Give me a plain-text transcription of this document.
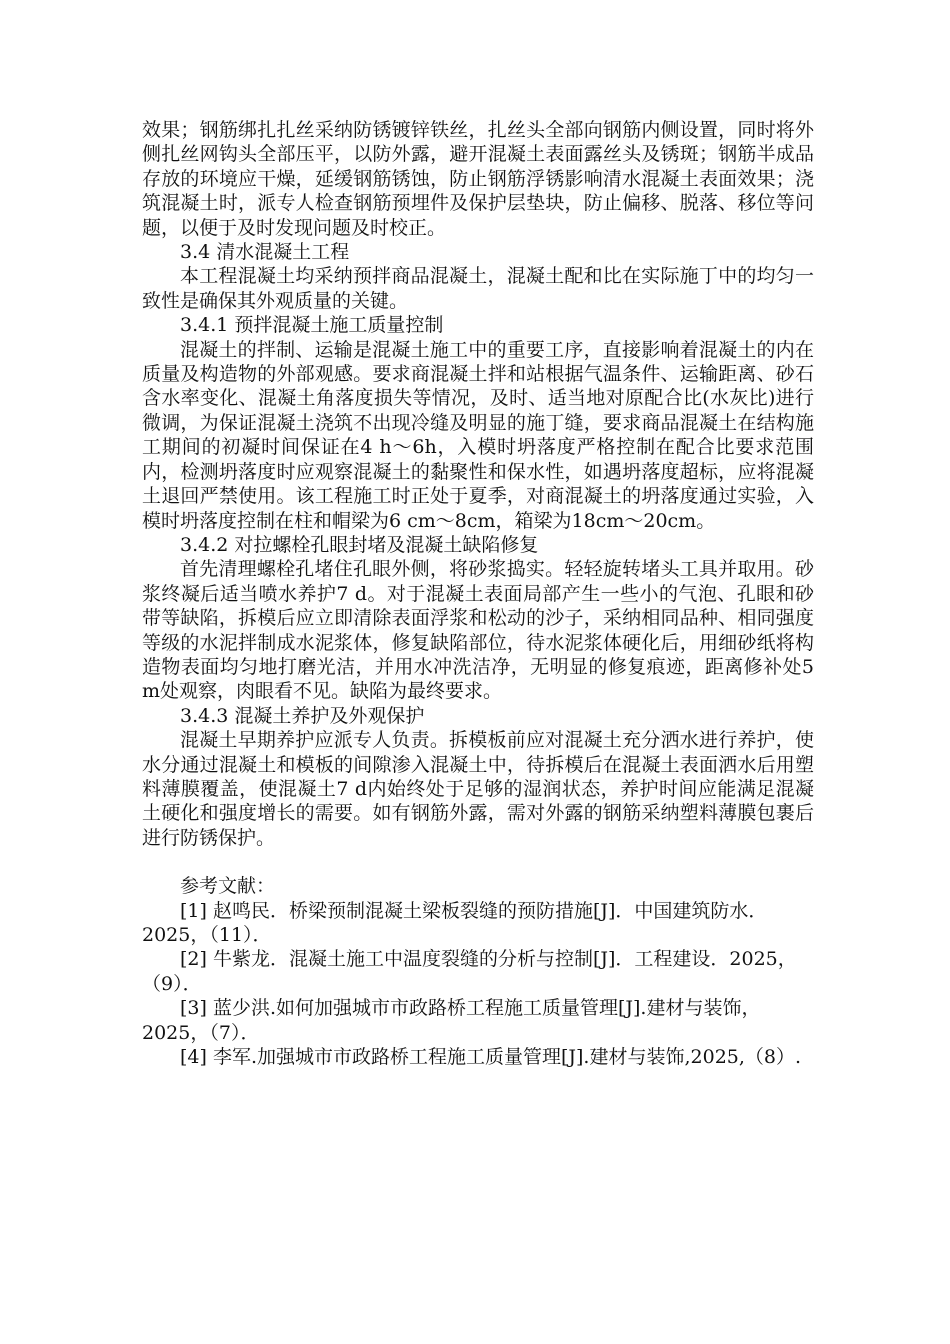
效果；钢筋绑扎扎丝采纳防锈镀锌铁丝，扎丝头全部向钢筋内侧设置，同时将外侧扎丝网钩头全部压平，以防外露，避开混凝土表面露丝头及锈斑；钢筋半成品存放的环境应干燥，延缓钢筋锈蚀，防止钢筋浮锈影响清水混凝土表面效果；浇筑混凝土时，派专人检查钢筋预埋件及保护层垫块，防止偏移、脱落、移位等问题，以便于及时发现问题及时校正。

3.4 清水混凝土工程

本工程混凝土均采纳预拌商品混凝土，混凝土配和比在实际施丁中的均匀一致性是确保其外观质量的关键。

3.4.1 预拌混凝土施工质量控制

混凝土的拌制、运输是混凝土施工中的重要工序，直接影响着混凝土的内在质量及构造物的外部观感。要求商混凝土拌和站根据气温条件、运输距离、砂石含水率变化、混凝土角落度损失等情况，及时、适当地对原配合比(水灰比)进行微调，为保证混凝土浇筑不出现冷缝及明显的施丁缝，要求商品混凝土在结构施工期间的初凝时间保证在4 h～6h，入模时坍落度严格控制在配合比要求范围内，检测坍落度时应观察混凝土的黏聚性和保水性，如遇坍落度超标，应将混凝土退回严禁使用。该工程施工时正处于夏季，对商混凝土的坍落度通过实验，入模时坍落度控制在柱和帽梁为6 cm～8cm，箱梁为18cm～20cm。

3.4.2 对拉螺栓孔眼封堵及混凝土缺陷修复

首先清理螺栓孔堵住孔眼外侧，将砂浆捣实。轻轻旋转堵头工具并取用。砂浆终凝后适当喷水养护7 d。对于混凝土表面局部产生一些小的气泡、孔眼和砂带等缺陷，拆模后应立即清除表面浮浆和松动的沙子，采纳相同品种、相同强度等级的水泥拌制成水泥浆体，修复缺陷部位，待水泥浆体硬化后，用细砂纸将构造物表面均匀地打磨光洁，并用水冲洗洁净，无明显的修复痕迹，距离修补处5 m处观察，肉眼看不见。缺陷为最终要求。

3.4.3 混凝土养护及外观保护

混凝土早期养护应派专人负责。拆模板前应对混凝土充分洒水进行养护，使水分通过混凝土和模板的间隙渗入混凝土中，待拆模后在混凝土表面洒水后用塑料薄膜覆盖，使混凝土7 d内始终处于足够的湿润状态，养护时间应能满足混凝土硬化和强度增长的需要。如有钢筋外露，需对外露的钢筋采纳塑料薄膜包裹后进行防锈保护。

参考文献：

[1] 赵鸣民．桥梁预制混凝土梁板裂缝的预防措施[J]．中国建筑防水．2025，（11）．

[2] 牛紫龙．混凝土施工中温度裂缝的分析与控制[J]．工程建设．2025，（9）．

[3] 蓝少洪.如何加强城市市政路桥工程施工质量管理[J].建材与装饰，2025，（7）．

[4] 李军.加强城市市政路桥工程施工质量管理[J].建材与装饰,2025,（8）.
